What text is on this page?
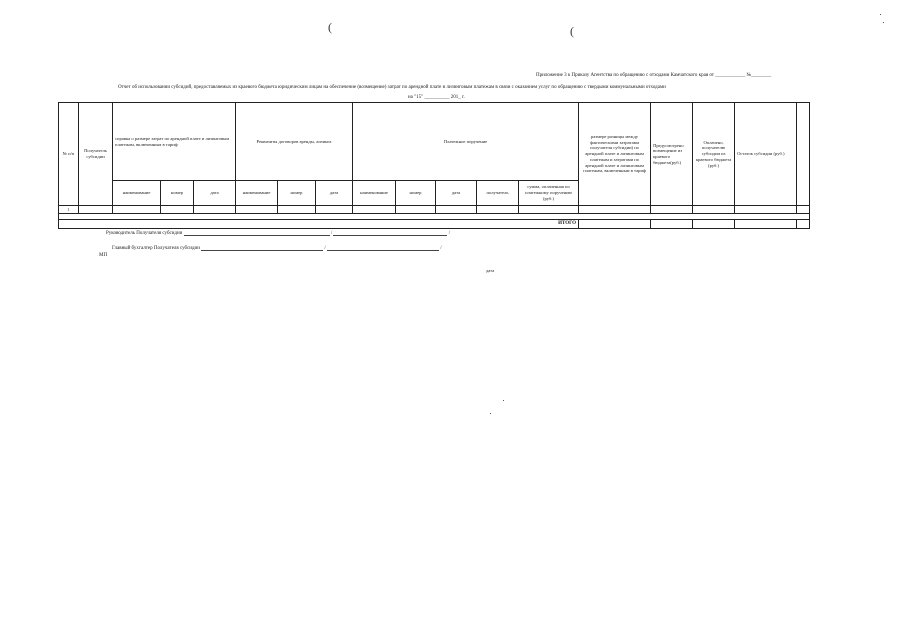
(	(
Приложение 3 к Приказу Агентства по обращению с отходами Камчатского края от ____________ №________
Отчет об использовании субсидий, предоставляемых из краевого бюджета юридическим лицам на обеспечение (возмещение) затрат по арендной плате и лизинговым платежам в связи с оказанием услуг по обращению с твердыми коммунальными отходами
на "15" __________ 201_ г.
№ п/п	Получатель субсидии	справка о размере затрат по арендной плате и лизинговым платежам, включенным в тариф			Реквизиты договоров аренды, лизинга			Платежное поручение					размере разницы между фактическими затратами получателя субсидии) по арендной плате и лизинговым платежам и затратами по арендной плате и лизинговым платежам, включенным в тариф	Предусмотрено возмещение из краевого бюджета(руб.)	Оплачено, получателю субсидии из краевого бюджета (руб.)	Остаток субсидии (руб.)	
		наименование	номер	дата	наименование	номер	дата	наименование	номер	дата	получатель	сумма, оплаченная по платежному поручению (руб.)					
1																	

ИТОГО																	
Руководитель Получателя субсидии	/	/
Главный бухгалтер Получателя субсидии	/	/
МП
дата
